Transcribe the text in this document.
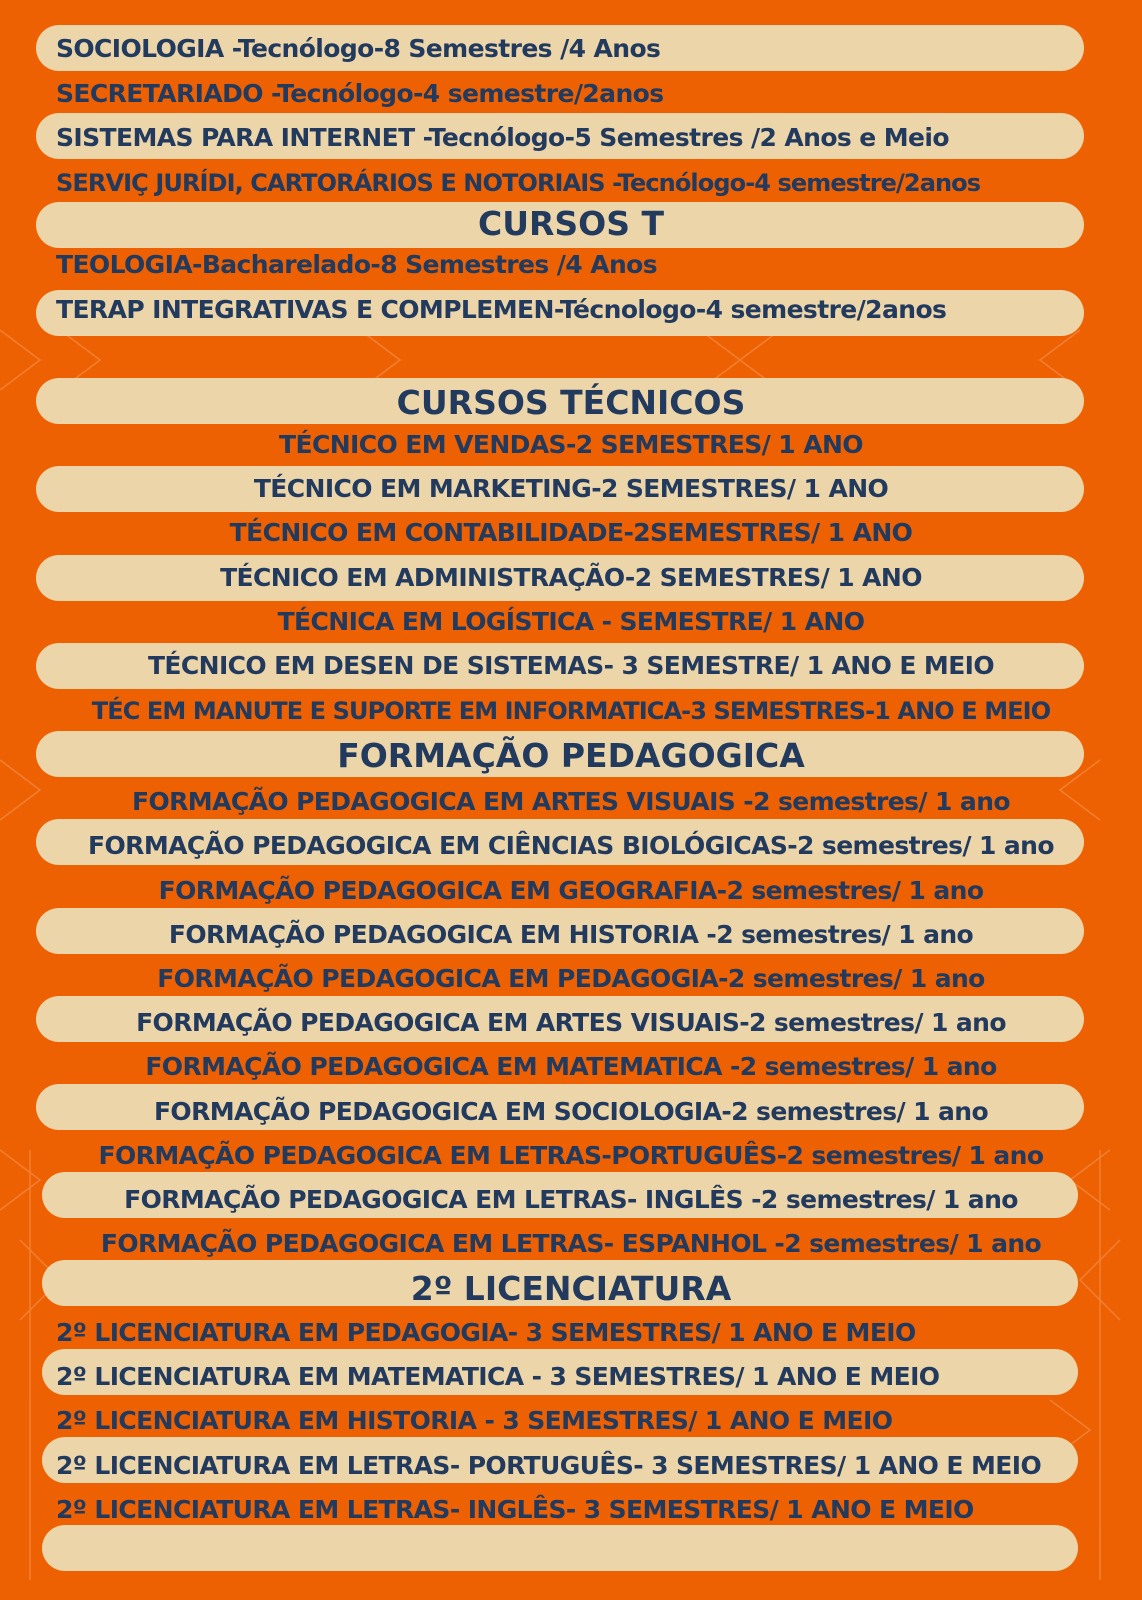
SOCIOLOGIA -Tecnólogo-8 Semestres /4 Anos
SECRETARIADO -Tecnólogo-4 semestre/2anos
SISTEMAS PARA INTERNET -Tecnólogo-5 Semestres /2 Anos e Meio
SERVIÇ JURÍDI, CARTORÁRIOS E NOTORIAIS -Tecnólogo-4 semestre/2anos
CURSOS T
TEOLOGIA-Bacharelado-8 Semestres /4 Anos
TERAP INTEGRATIVAS E COMPLEMEN-Técnologo-4 semestre/2anos
CURSOS TÉCNICOS
TÉCNICO EM VENDAS-2 SEMESTRES/ 1 ANO
TÉCNICO EM MARKETING-2 SEMESTRES/ 1 ANO
TÉCNICO EM CONTABILIDADE-2SEMESTRES/ 1 ANO
TÉCNICO EM ADMINISTRAÇÃO-2 SEMESTRES/ 1 ANO
TÉCNICA EM LOGÍSTICA - SEMESTRE/ 1 ANO
TÉCNICO EM DESEN DE SISTEMAS- 3 SEMESTRE/ 1 ANO E MEIO
TÉC EM MANUTE E SUPORTE EM INFORMATICA-3 SEMESTRES-1 ANO E MEIO
FORMAÇÃO PEDAGOGICA
FORMAÇÃO PEDAGOGICA EM ARTES VISUAIS -2 semestres/ 1 ano
FORMAÇÃO PEDAGOGICA EM CIÊNCIAS BIOLÓGICAS-2 semestres/ 1 ano
FORMAÇÃO PEDAGOGICA EM GEOGRAFIA-2 semestres/ 1 ano
FORMAÇÃO PEDAGOGICA EM HISTORIA -2 semestres/ 1 ano
FORMAÇÃO PEDAGOGICA EM PEDAGOGIA-2 semestres/ 1 ano
FORMAÇÃO PEDAGOGICA EM ARTES VISUAIS-2 semestres/ 1 ano
FORMAÇÃO PEDAGOGICA EM MATEMATICA -2 semestres/ 1 ano
FORMAÇÃO PEDAGOGICA EM SOCIOLOGIA-2 semestres/ 1 ano
FORMAÇÃO PEDAGOGICA EM LETRAS-PORTUGUÊS-2 semestres/ 1 ano
FORMAÇÃO PEDAGOGICA EM LETRAS- INGLÊS -2 semestres/ 1 ano
FORMAÇÃO PEDAGOGICA EM LETRAS- ESPANHOL -2 semestres/ 1 ano
2º LICENCIATURA
2º LICENCIATURA EM PEDAGOGIA- 3 SEMESTRES/ 1 ANO E MEIO
2º LICENCIATURA EM MATEMATICA - 3 SEMESTRES/ 1 ANO E MEIO
2º LICENCIATURA EM HISTORIA - 3 SEMESTRES/ 1 ANO E MEIO
2º LICENCIATURA EM LETRAS- PORTUGUÊS- 3 SEMESTRES/ 1 ANO E MEIO
2º LICENCIATURA EM LETRAS- INGLÊS- 3 SEMESTRES/ 1 ANO E MEIO
